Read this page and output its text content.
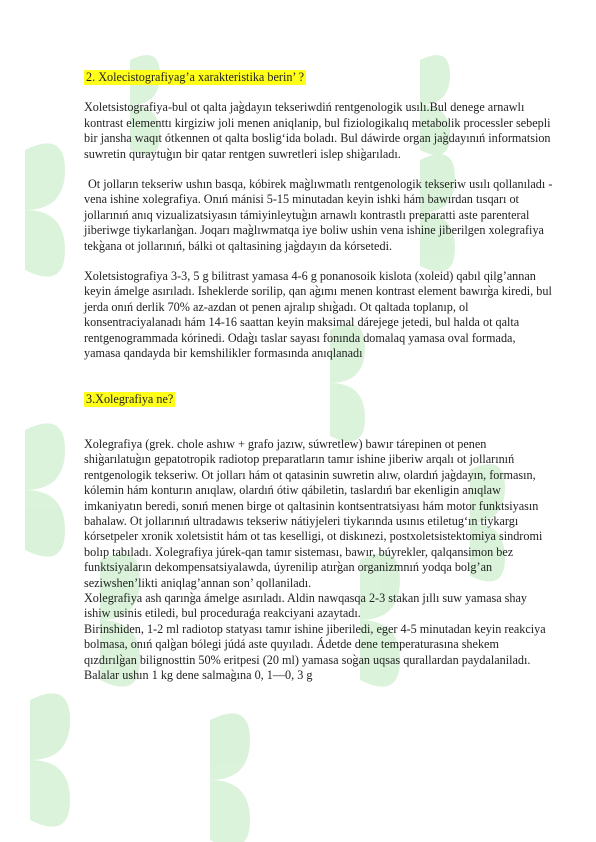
2. Xolecistografiyag’a xarakteristika berin’ ?

Xoletsistografiya-bul ot qalta jag̀dayın tekseriwdiń rentgenologik usılı.Bul denege arnawlı kontrast elementtı kirgiziw joli menen aniqlanip, bul fiziologikalıq metabolik processler sebepli bir jansha waqıt ótkennen ot qalta bosligʻida boladı. Bul dáwirde organ jag̀dayınıń informatsion suwretin quraytug̀ın bir qatar rentgen suwretleri islep shig̀arıladı.

Ot jolların tekseriw ushın basqa, kóbirek mag̀lıwmatlı rentgenologik tekseriw usılı qollanıladı - vena ishine xolegrafiya. Onıń mánisi 5-15 minutadan keyin ishki hám bawırdan tısqarı ot jollarınıń anıq vizualizatsiyasın támiyinleytug̀ın arnawlı kontrastlı preparatti aste parenteral jiberiwge tiykarlang̀an. Joqarı mag̀lıwmatqa iye boliw ushin vena ishine jiberilgen xolegrafiya tekg̀ana ot jollarınıń, bálki ot qaltasining jag̀dayın da kórsetedi.

Xoletsistografiya 3-3, 5 g bilitrast yamasa 4-6 g ponanosoik kislota (xoleid) qabıl qilg’annan keyin ámelge asırıladı. Isheklerde sorilip, qan ag̀ımı menen kontrast element bawırg̀a kiredi, bul jerda onıń derlik 70% az-azdan ot penen ajralıp shıg̀adı. Ot qaltada toplanıp, ol konsentraciyalanadı hám 14-16 saattan keyin maksimal dárejege jetedi, bul halda ot qalta rentgenogrammada kórinedi. Odag̀ı taslar sayası fonında domalaq yamasa oval formada, yamasa qandayda bir kemshilikler formasında anıqlanadı

3.Xolegrafiya ne?

Xolegrafiya (grek. chole ashıw + grafo jazıw, súwretlew) bawır tárepinen ot penen shig̀arılatug̀ın gepatotropik radiotop preparatların tamır ishine jiberiw arqalı ot jollarınıń rentgenologik tekseriw. Ot jolları hám ot qatasinin suwretin alıw, olardıń jag̀dayın, formasın, kólemin hám konturın anıqlaw, olardıń ótiw qábiletin, taslardıń bar ekenligin anıqlaw imkaniyatın beredi, sonıń menen birge ot qaltasinin kontsentratsiyası hám motor funktsiyasın bahalaw. Ot jollarınıń ultradawıs tekseriw nátiyjeleri tiykarında usınıs etiletugʻın tiykargı kórsetpeler xronik xoletsistit hám ot tas keselligi, ot diskınezi, postxoletsistektomiya sindromi bolıp tabıladı. Xolegrafiya júrek-qan tamır sisteması, bawır, búyrekler, qalqansimon bez funktsiyaların dekompensatsiyalawda, úyrenilip atırg̀an organizmnıń yodqa bolg’an seziwshen’likti aniqlag’annan son’ qollaniladı.

Xolegrafiya ash qarıng̀a ámelge asırıladı. Aldin nawqasqa 2-3 stakan jıllı suw yamasa shay ishiw usinis etiledi, bul proceduraǵa reakciyani azaytadı.

Birinshiden, 1-2 ml radiotop statyası tamır ishine jiberiledi, eger 4-5 minutadan keyin reakciya bolmasa, onıń qalg̀an bólegi júdá aste quyıladı. Ádetde dene temperaturasına shekem qızdırılg̀an bilignosttin 50% eritpesi (20 ml) yamasa sog̀an uqsas qurallardan paydalaniladı. Balalar ushın 1 kg dene salmag̀ına 0, 1—0, 3 g
